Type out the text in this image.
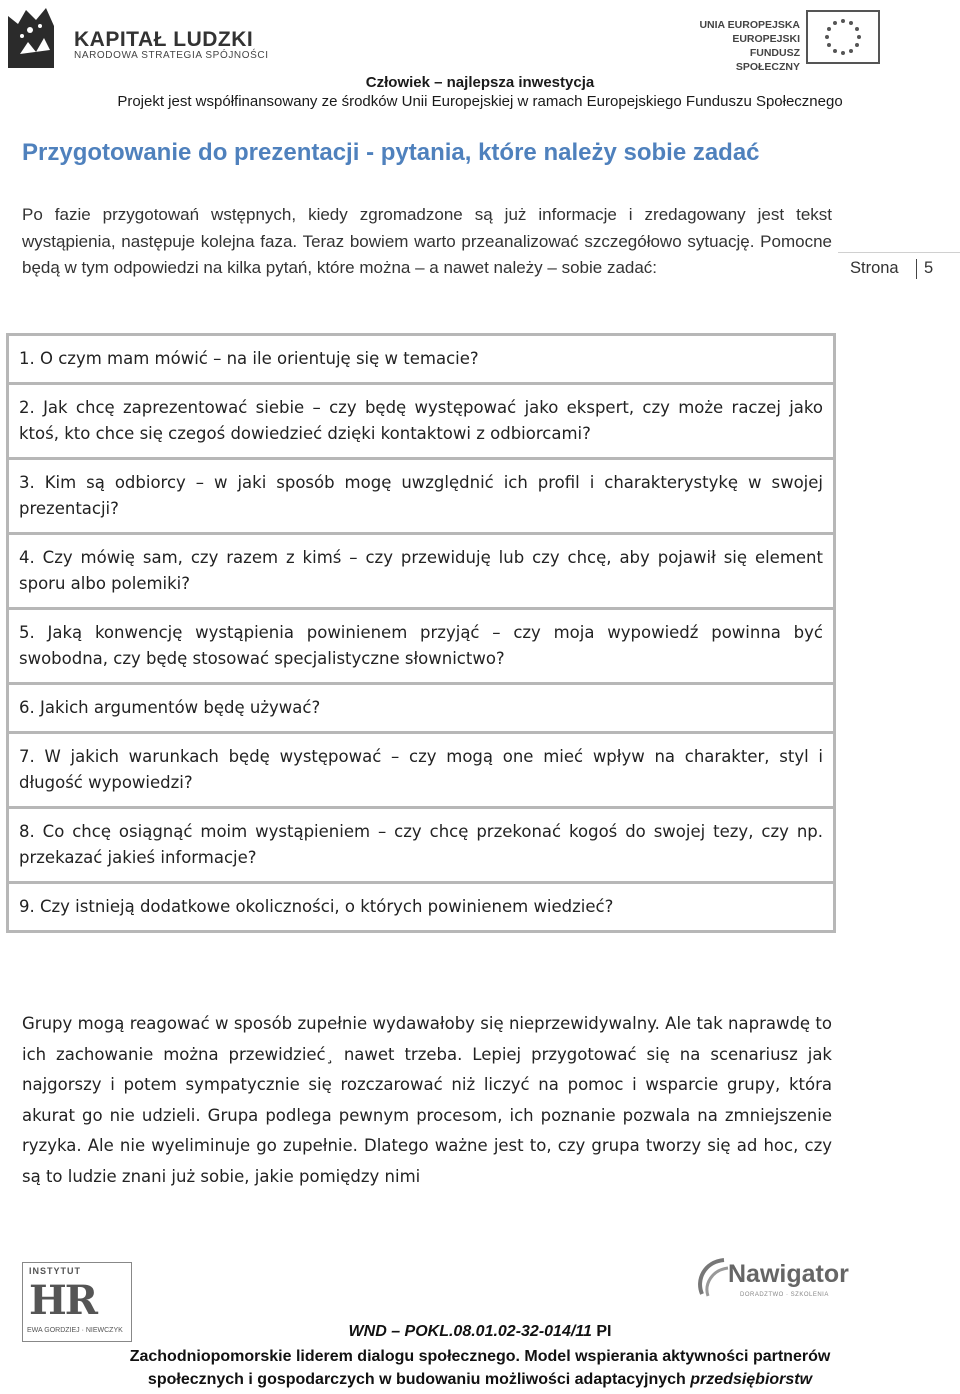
KAPITAŁ LUDZKI
NARODOWA STRATEGIA SPÓJNOŚCI
UNIA EUROPEJSKA
EUROPEJSKI
FUNDUSZ SPOŁECZNY
Człowiek – najlepsza inwestycja
Projekt jest współfinansowany ze środków Unii Europejskiej w ramach Europejskiego Funduszu Społecznego
Przygotowanie do prezentacji - pytania, które należy sobie zadać

Po fazie przygotowań wstępnych, kiedy zgromadzone są już informacje i zredagowany jest tekst wystąpienia, następuje kolejna faza. Teraz bowiem warto przeanalizować szczegółowo sytuację. Pomocne będą w tym odpowiedzi na kilka pytań, które można – a nawet należy – sobie zadać:	Strona 5
1. O czym mam mówić – na ile orientuję się w temacie?
2. Jak chcę zaprezentować siebie – czy będę występować jako ekspert, czy może raczej jako ktoś, kto chce się czegoś dowiedzieć dzięki kontaktowi z odbiorcami?
3. Kim są odbiorcy – w jaki sposób mogę uwzględnić ich profil i charakterystykę w swojej prezentacji?
4. Czy mówię sam, czy razem z kimś – czy przewiduję lub czy chcę, aby pojawił się element sporu albo polemiki?
5. Jaką konwencję wystąpienia powinienem przyjąć – czy moja wypowiedź powinna być swobodna, czy będę stosować specjalistyczne słownictwo?
6. Jakich argumentów będę używać?
7. W jakich warunkach będę występować – czy mogą one mieć wpływ na charakter, styl i długość wypowiedzi?
8. Co chcę osiągnąć moim wystąpieniem – czy chcę przekonać kogoś do swojej tezy, czy np. przekazać jakieś informacje?
9. Czy istnieją dodatkowe okoliczności, o których powinienem wiedzieć?

Grupy mogą reagować w sposób zupełnie wydawałoby się nieprzewidywalny. Ale tak naprawdę to ich zachowanie można przewidzieć¸ nawet trzeba. Lepiej przygotować się na scenariusz jak najgorszy i potem sympatycznie się rozczarować niż liczyć na pomoc i wsparcie grupy, która akurat go nie udzieli. Grupa podlega pewnym procesom, ich poznanie pozwala na zmniejszenie ryzyka. Ale nie wyeliminuje go zupełnie. Dlatego ważne jest to, czy grupa tworzy się ad hoc, czy są to ludzie znani już sobie, jakie pomiędzy nimi

INSTYTUT
HR
EWA GORDZIEJ · NIEWCZYK
Nawigator
DORADZTWO · SZKOLENIA
WND – POKL.08.01.02-32-014/11 PI
Zachodniopomorskie liderem dialogu społecznego. Model wspierania aktywności partnerów
społecznych i gospodarczych w budowaniu możliwości adaptacyjnych przedsiębiorstw
